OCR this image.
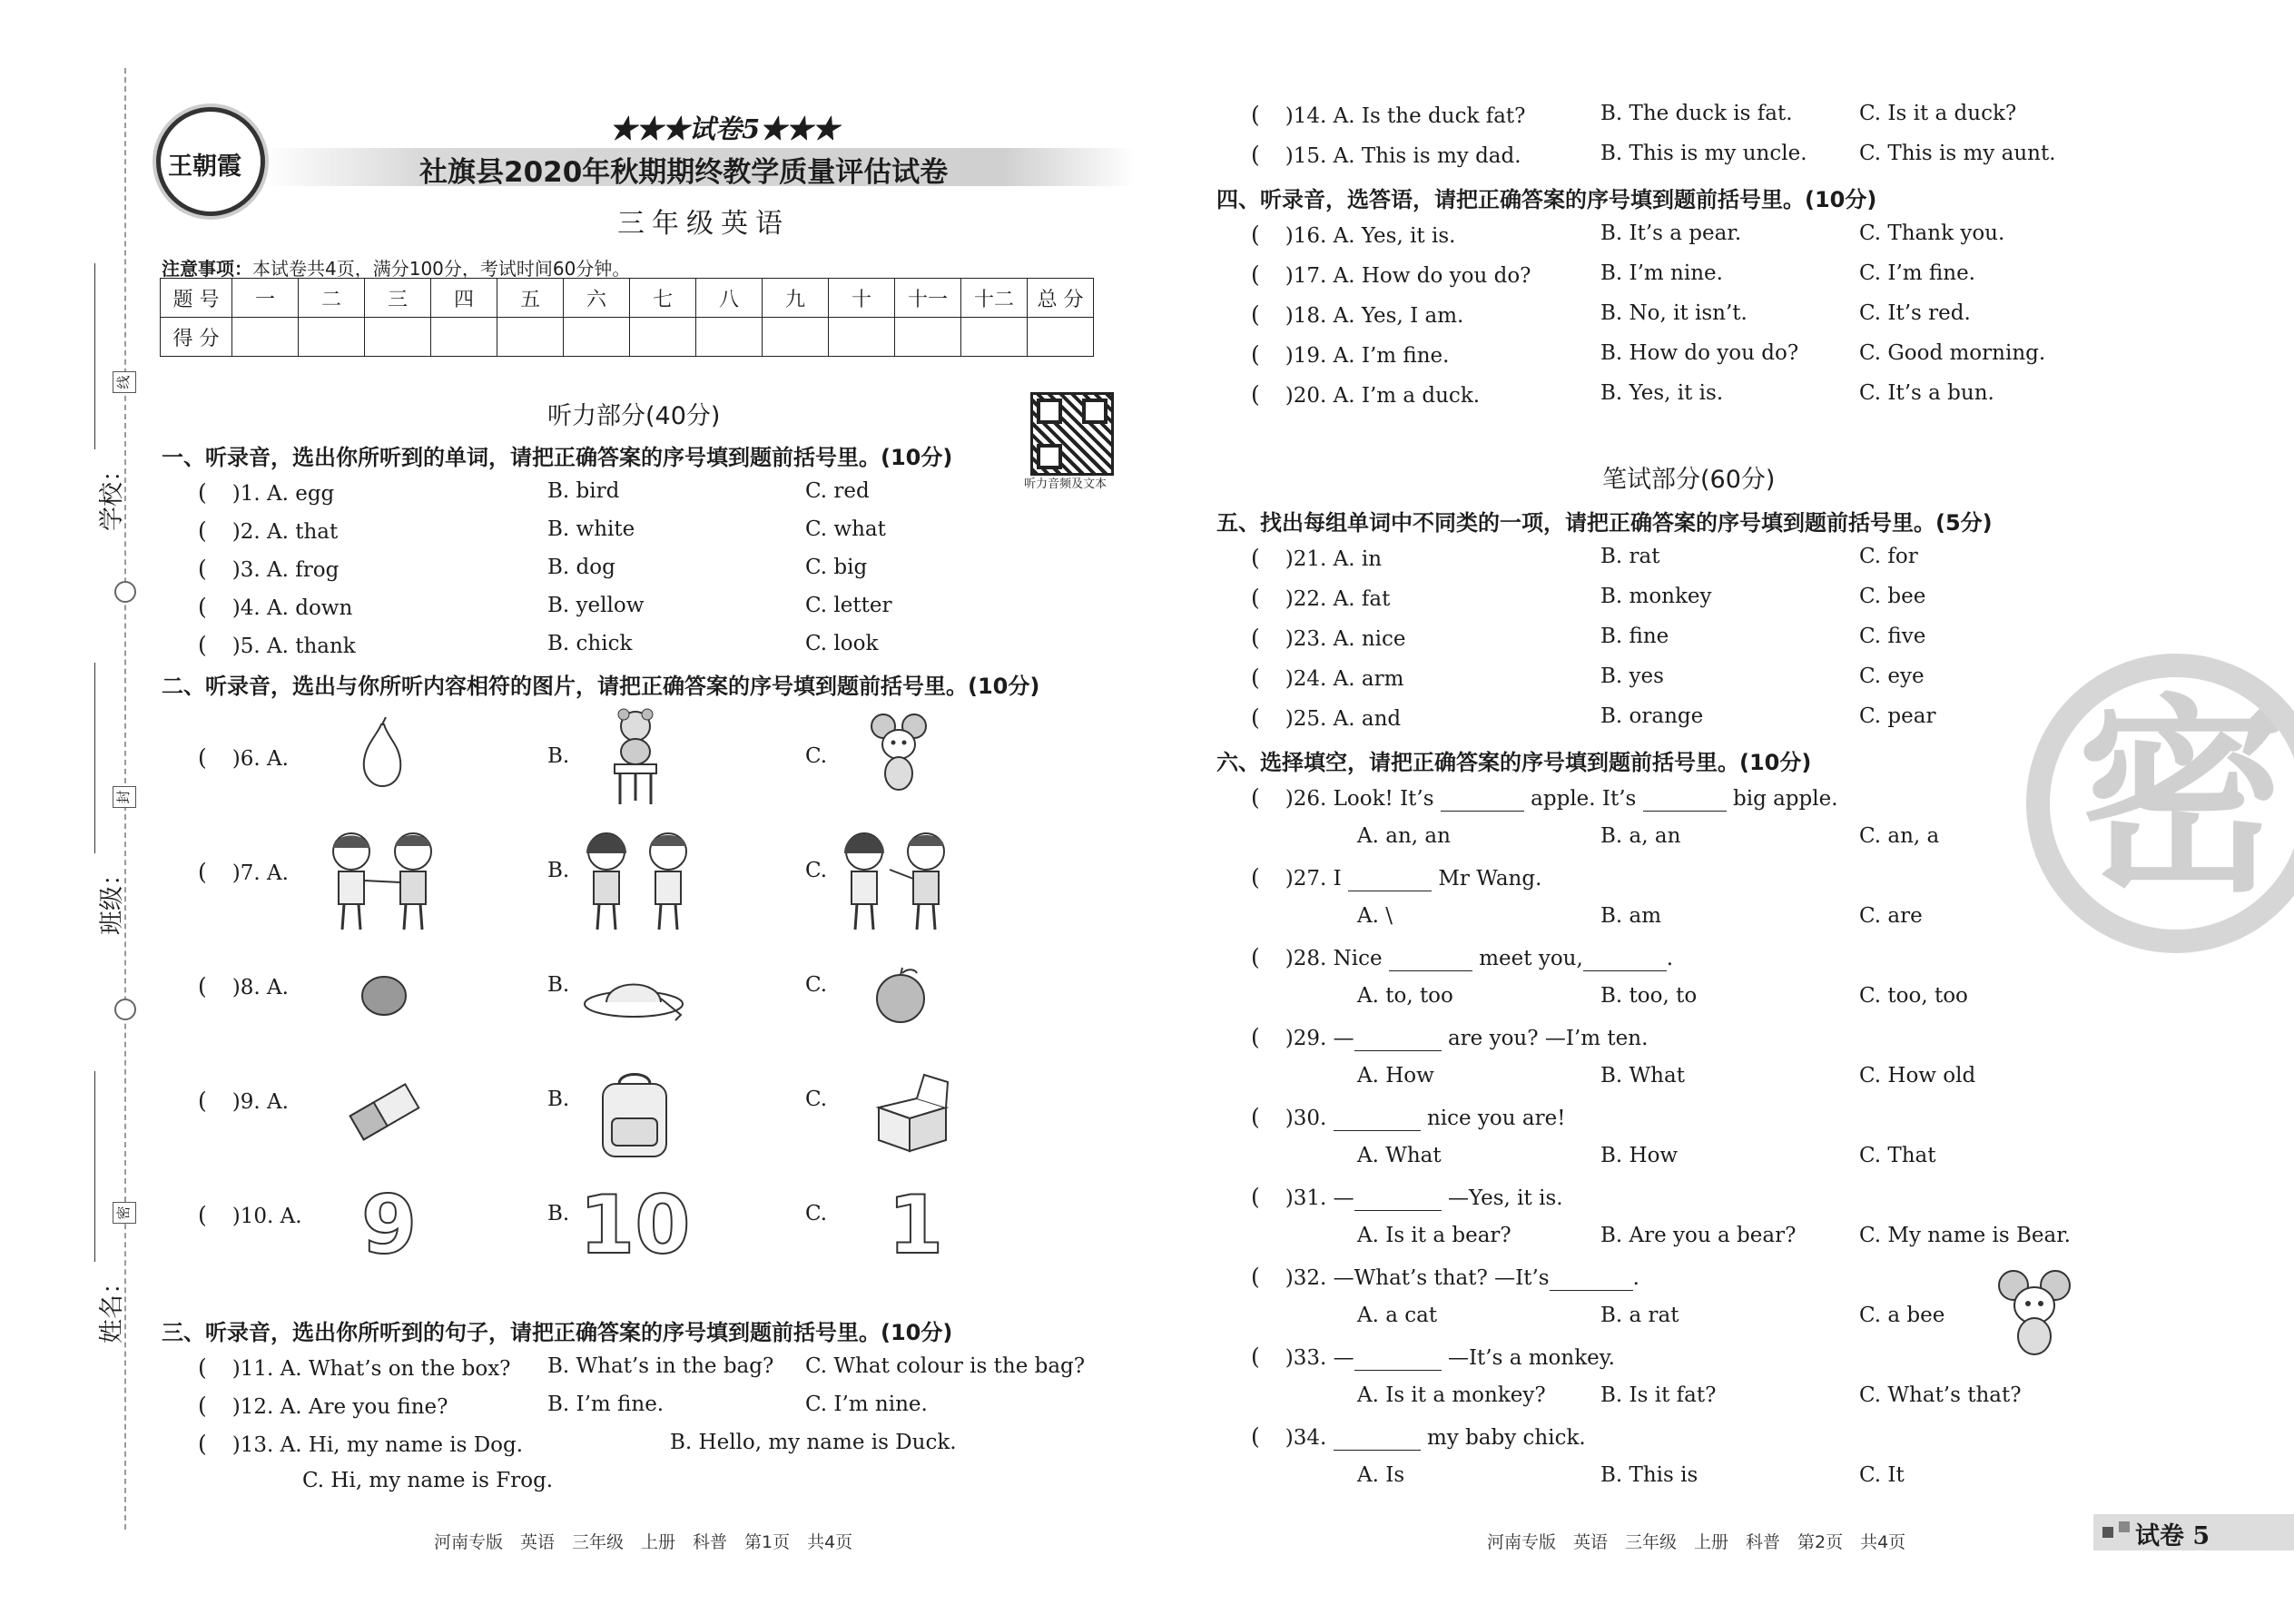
学校：
班级：
姓名：
线
封
密
王朝霞
★★★试卷5★★★
社旗县2020年秋期期终教学质量评估试卷
三年级英语
注意事项：本试卷共4页，满分100分，考试时间60分钟。
题 号	一	二	三	四	五	六	七	八	九	十	十一	十二	总 分
得 分													
听力部分(40分)
听力音频及文本
一、听录音，选出你所听到的单词，请把正确答案的序号填到题前括号里。(10分)
( )1. A. egg	B. bird	C. red
( )2. A. that	B. white	C. what
( )3. A. frog	B. dog	C. big
( )4. A. down	B. yellow	C. letter
( )5. A. thank	B. chick	C. look
二、听录音，选出与你所听内容相符的图片，请把正确答案的序号填到题前括号里。(10分)
( )6. A.	B.	C.
( )7. A.	B.	C.
( )8. A.	B.	C.
( )9. A.	B.	C.
( )10. A.	B.	C.
9 10 1
三、听录音，选出你所听到的句子，请把正确答案的序号填到题前括号里。(10分)
( )11. A. What’s on the box? B. What’s in the bag? C. What colour is the bag?
( )12. A. Are you fine?	B. I’m fine.	C. I’m nine.
( )13. A. Hi, my name is Dog.	B. Hello, my name is Duck.
C. Hi, my name is Frog.
河南专版　英语　三年级　上册　科普　第1页　共4页
( )14. A. Is the duck fat?	B. The duck is fat.	C. Is it a duck?
( )15. A. This is my dad.	B. This is my uncle. C. This is my aunt.
四、听录音，选答语，请把正确答案的序号填到题前括号里。(10分)
( )16. A. Yes, it is.	B. It’s a pear.	C. Thank you.
( )17. A. How do you do?	B. I’m nine.	C. I’m fine.
( )18. A. Yes, I am.	B. No, it isn’t.	C. It’s red.
( )19. A. I’m fine.	B. How do you do?	C. Good morning.
( )20. A. I’m a duck.	B. Yes, it is.	C. It’s a bun.
笔试部分(60分)
五、找出每组单词中不同类的一项，请把正确答案的序号填到题前括号里。(5分)
( )21. A. in	B. rat	C. for
( )22. A. fat	B. monkey	C. bee
( )23. A. nice	B. fine	C. five
( )24. A. arm	B. yes	C. eye
( )25. A. and	B. orange	C. pear
六、选择填空，请把正确答案的序号填到题前括号里。(10分)
( )26. Look! It’s	apple. It’s	big apple.
A. an, an	B. a, an	C. an, a
( )27. I	Mr Wang.
A. \	B. am	C. are
( )28. Nice	meet you,	.
A. to, too	B. too, to	C. too, too
( )29. —	are you? —I’m ten.
A. How	B. What	C. How old
( )30.	nice you are!
A. What	B. How	C. That
( )31. —	—Yes, it is.
A. Is it a bear?	B. Are you a bear?	C. My name is Bear.
( )32. —What’s that? —It’s	.
A. a cat	B. a rat	C. a bee
( )33. —	—It’s a monkey.
A. Is it a monkey?	B. Is it fat?	C. What’s that?
( )34.	my baby chick.
A. Is	B. This is	C. It
密
河南专版　英语　三年级　上册　科普　第2页　共4页	试卷 5
